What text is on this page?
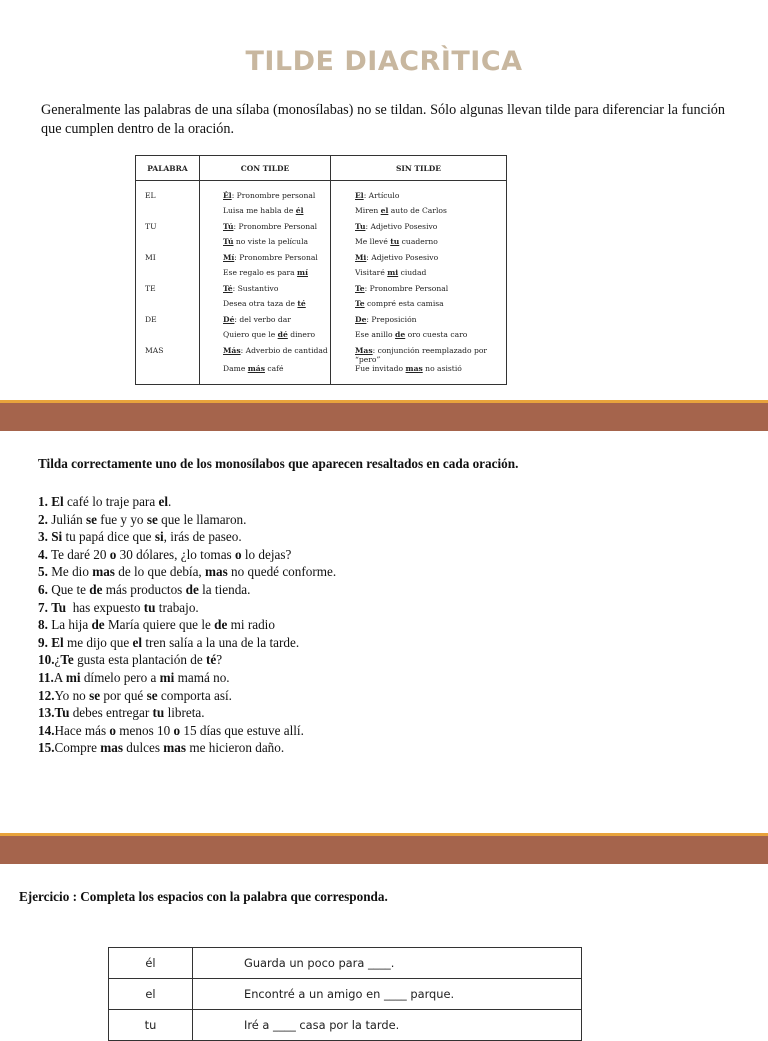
TILDE DIACRÌTICA

Generalmente las palabras de una sílaba (monosílabas) no se tildan. Sólo algunas llevan tilde para diferenciar la función que cumplen dentro de la oración.

PALABRA	CON TILDE	SIN TILDE

EL	Él: Pronombre personal	El: Artículo
	Luisa me habla de él	Miren el auto de Carlos
TU	Tú: Pronombre Personal	Tu: Adjetivo Posesivo
	Tú no viste la película	Me llevé tu cuaderno
MI	Mí: Pronombre Personal	Mi: Adjetivo Posesivo
	Ese regalo es para mí	Visitaré mi ciudad
TE	Té: Sustantivo	Te: Pronombre Personal
	Desea otra taza de té	Te compré esta camisa
DE	Dé: del verbo dar	De: Preposición
	Quiero que le dé dinero	Ese anillo de oro cuesta caro
MAS	Más: Adverbio de cantidad	Mas: conjunción reemplazado por “pero”
	Dame más café	Fue invitado mas no asistió
Tilda correctamente uno de los monosílabos que aparecen resaltados en cada oración.
1. El café lo traje para el.
2. Julián se fue y yo se que le llamaron.
3. Si tu papá dice que si, irás de paseo.
4. Te daré 20 o 30 dólares, ¿lo tomas o lo dejas?
5. Me dio mas de lo que debía, mas no quedé conforme.
6. Que te de más productos de la tienda.
7. Tu  has expuesto tu trabajo.
8. La hija de María quiere que le de mi radio
9. El me dijo que el tren salía a la una de la tarde.
10.¿Te gusta esta plantación de té?
11.A mi dímelo pero a mi mamá no.
12.Yo no se por qué se comporta así.
13.Tu debes entregar tu libreta.
14.Hace más o menos 10 o 15 días que estuve allí.
15.Compre mas dulces mas me hicieron daño.
Ejercicio : Completa los espacios con la palabra que corresponda.
él	Guarda un poco para ____.
el	Encontré a un amigo en ____ parque.
tu	Iré a ____ casa por la tarde.
